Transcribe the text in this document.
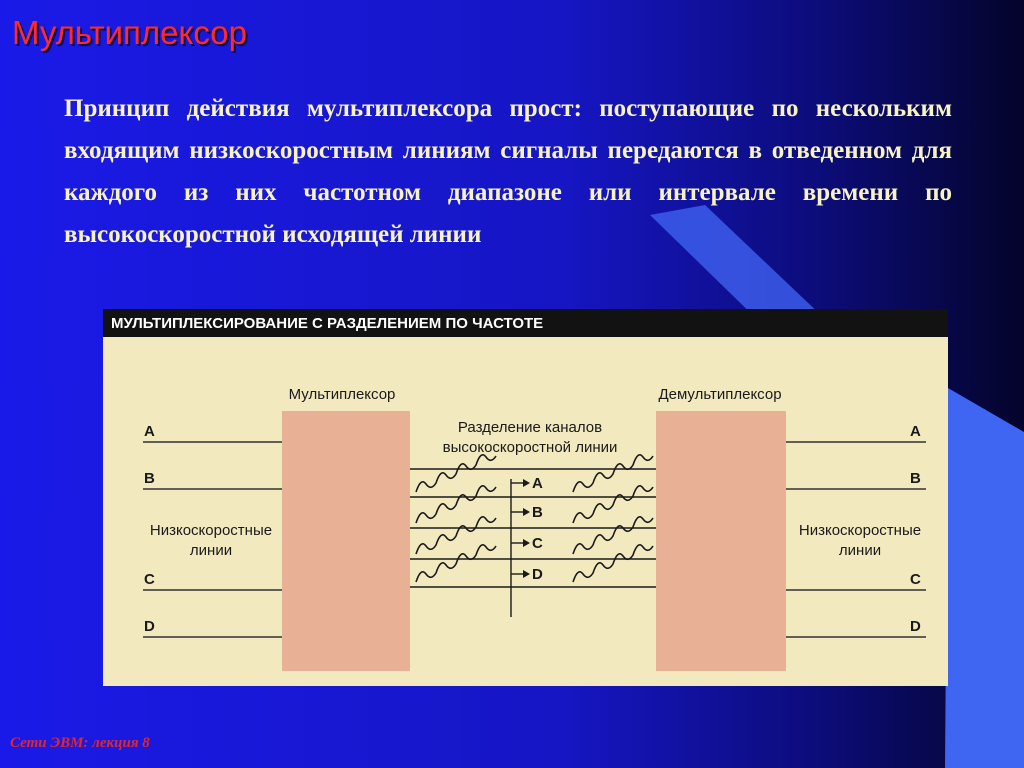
Мультиплексор

Принцип действия мультиплексора прост: поступающие по нескольким входящим низкоскоростным линиям сигналы передаются в отведенном для каждого из них частотном диапазоне или интервале времени по высокоскоростной исходящей линии

МУЛЬТИПЛЕКСИРОВАНИЕ С РАЗДЕЛЕНИЕМ ПО ЧАСТОТЕ
A
B
C
D
Низкоскоростные
линии
Мультиплексор	Демультиплексор
Разделение каналов
высокоскоростной линии
A
B
C
D
A
B
C
D
Низкоскоростные
линии
Сети ЭВМ: лекция 8
